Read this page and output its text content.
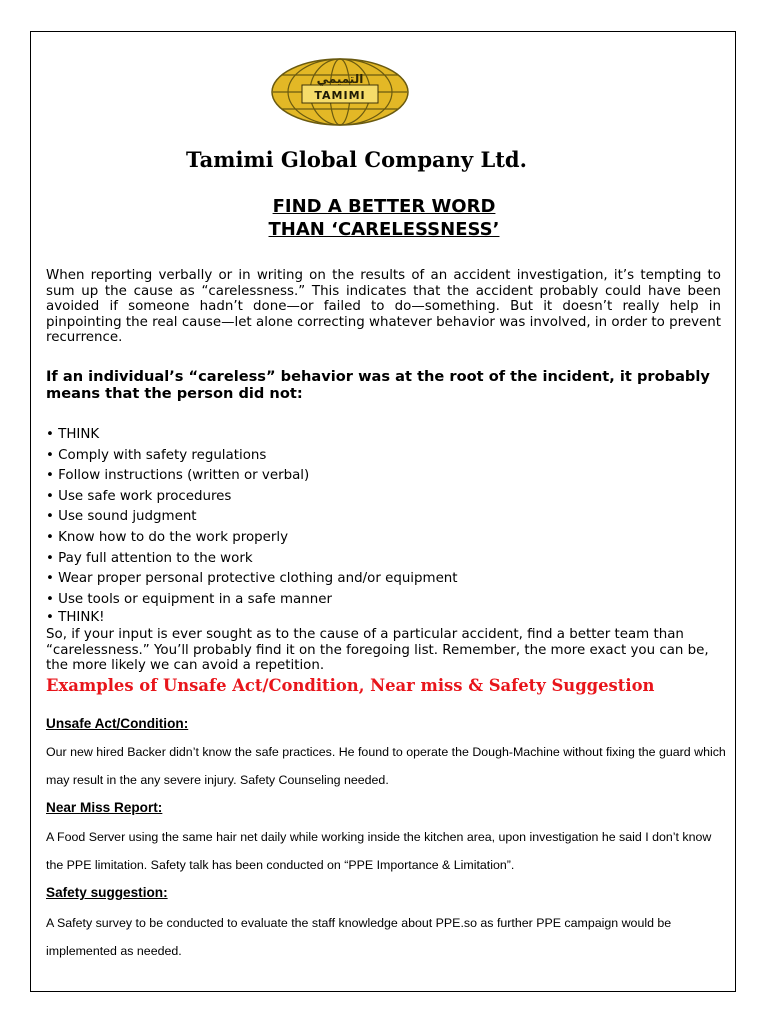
التميمي
TAMIMI
Tamimi Global Company Ltd.
FIND A BETTER WORD
THAN ‘CARELESSNESS’
When reporting verbally or in writing on the results of an accident investigation, it’s tempting to sum up the cause as “carelessness.” This indicates that the accident probably could have been avoided if someone hadn’t done—or failed to do—something. But it doesn’t really help in pinpointing the real cause—let alone correcting whatever behavior was involved, in order to prevent recurrence.
If an individual’s “careless” behavior was at the root of the incident, it probably means that the person did not:
• THINK
• Comply with safety regulations
• Follow instructions (written or verbal)
• Use safe work procedures
• Use sound judgment
• Know how to do the work properly
• Pay full attention to the work
• Wear proper personal protective clothing and/or equipment
• Use tools or equipment in a safe manner
• THINK!
So, if your input is ever sought as to the cause of a particular accident, find a better team than “carelessness.” You’ll probably find it on the foregoing list. Remember, the more exact you can be, the more likely we can avoid a repetition.
Examples of Unsafe Act/Condition, Near miss & Safety Suggestion
Unsafe Act/Condition:
Our new hired Backer didn’t know the safe practices. He found to operate the Dough-Machine without fixing the guard which may result in the any severe injury. Safety Counseling needed.
Near Miss Report:
A Food Server using the same hair net daily while working inside the kitchen area, upon investigation he said I don’t know the PPE limitation. Safety talk has been conducted on “PPE Importance & Limitation”.
Safety suggestion:
A Safety survey to be conducted to evaluate the staff knowledge about PPE.so as further PPE campaign would be implemented as needed.
